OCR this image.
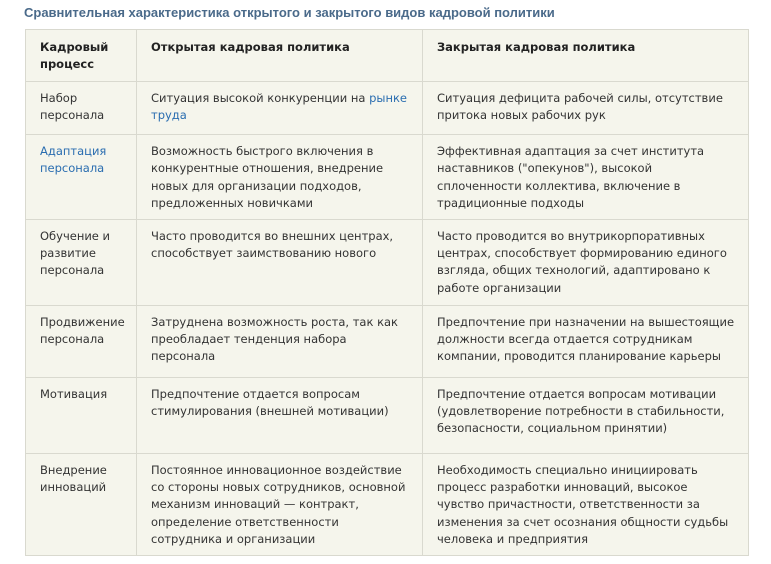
Сравнительная характеристика открытого и закрытого видов кадровой политики
Кадровый процесс	Открытая кадровая политика	Закрытая кадровая политика
Набор персонала	Ситуация высокой конкуренции на рынке труда	Ситуация дефицита рабочей силы, отсутствие притока новых рабочих рук
Адаптация персонала	Возможность быстрого включения в конкурентные отношения, внедрение новых для организации подходов, предложенных новичками	Эффективная адаптация за счет института наставников ("опекунов"), высокой сплоченности коллектива, включение в традиционные подходы
Обучение и развитие персонала	Часто проводится во внешних центрах, способствует заимствованию нового	Часто проводится во внутрикорпоративных центрах, способствует формированию единого взгляда, общих технологий, адаптировано к работе организации
Продвижение персонала	Затруднена возможность роста, так как преобладает тенденция набора персонала	Предпочтение при назначении на вышестоящие должности всегда отдается сотрудникам компании, проводится планирование карьеры
Мотивация	Предпочтение отдается вопросам стимулирования (внешней мотивации)	Предпочтение отдается вопросам мотивации (удовлетворение потребности в стабильности, безопасности, социальном принятии)
Внедрение инноваций	Постоянное инновационное воздействие со стороны новых сотрудников, основной механизм инноваций — контракт, определение ответственности сотрудника и организации	Необходимость специально инициировать процесс разработки инноваций, высокое чувство причастности, ответственности за изменения за счет осознания общности судьбы человека и предприятия
